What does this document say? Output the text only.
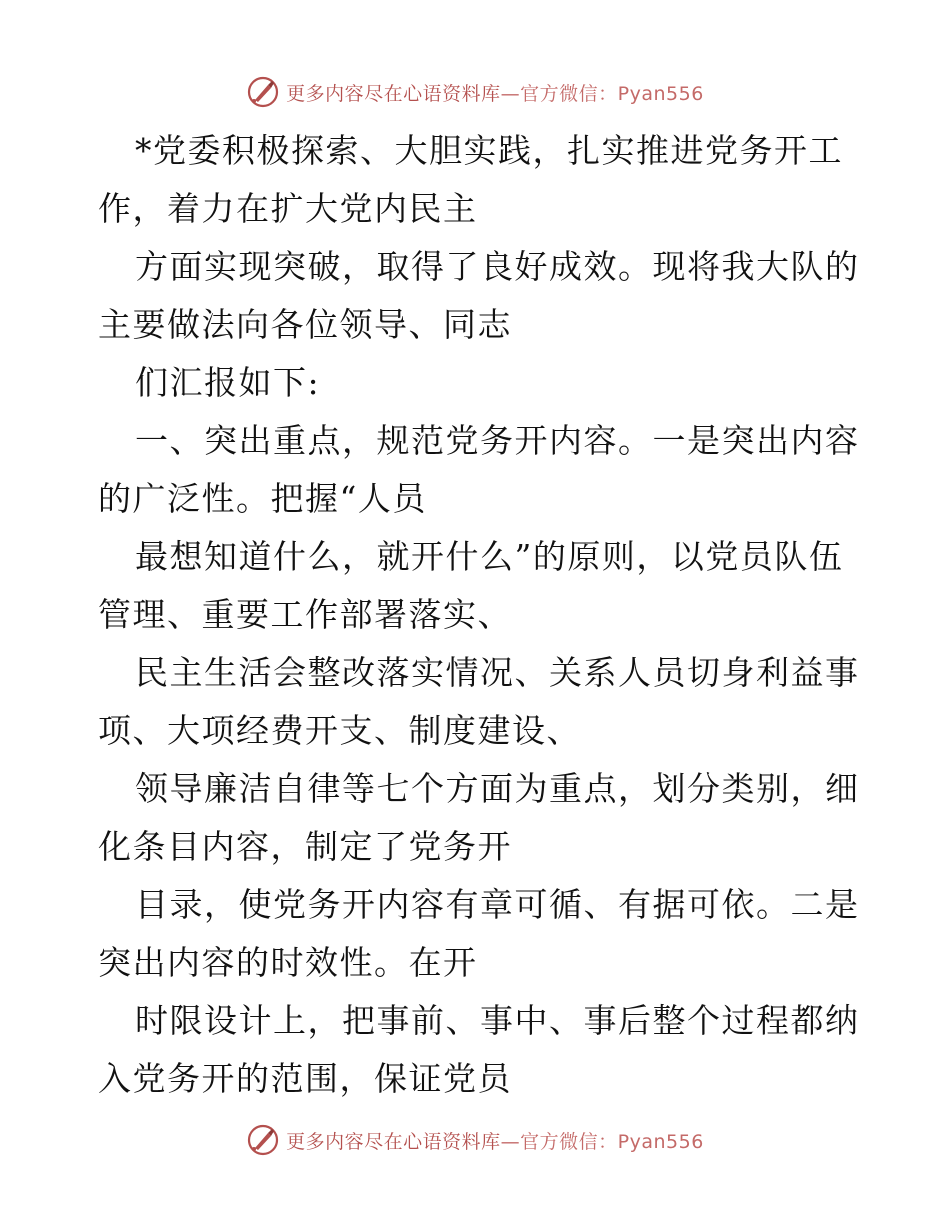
更多内容尽在心语资料库—官方微信：Pyan556
*党委积极探索、大胆实践，扎实推进党务开工
作，着力在扩大党内民主
方面实现突破，取得了良好成效。现将我大队的
主要做法向各位领导、同志
们汇报如下:
一、突出重点，规范党务开内容。一是突出内容
的广泛性。把握“人员
最想知道什么，就开什么”的原则，以党员队伍
管理、重要工作部署落实、
民主生活会整改落实情况、关系人员切身利益事
项、大项经费开支、制度建设、
领导廉洁自律等七个方面为重点，划分类别，细
化条目内容，制定了党务开
目录，使党务开内容有章可循、有据可依。二是
突出内容的时效性。在开
时限设计上，把事前、事中、事后整个过程都纳
入党务开的范围，保证党员
更多内容尽在心语资料库—官方微信：Pyan556
